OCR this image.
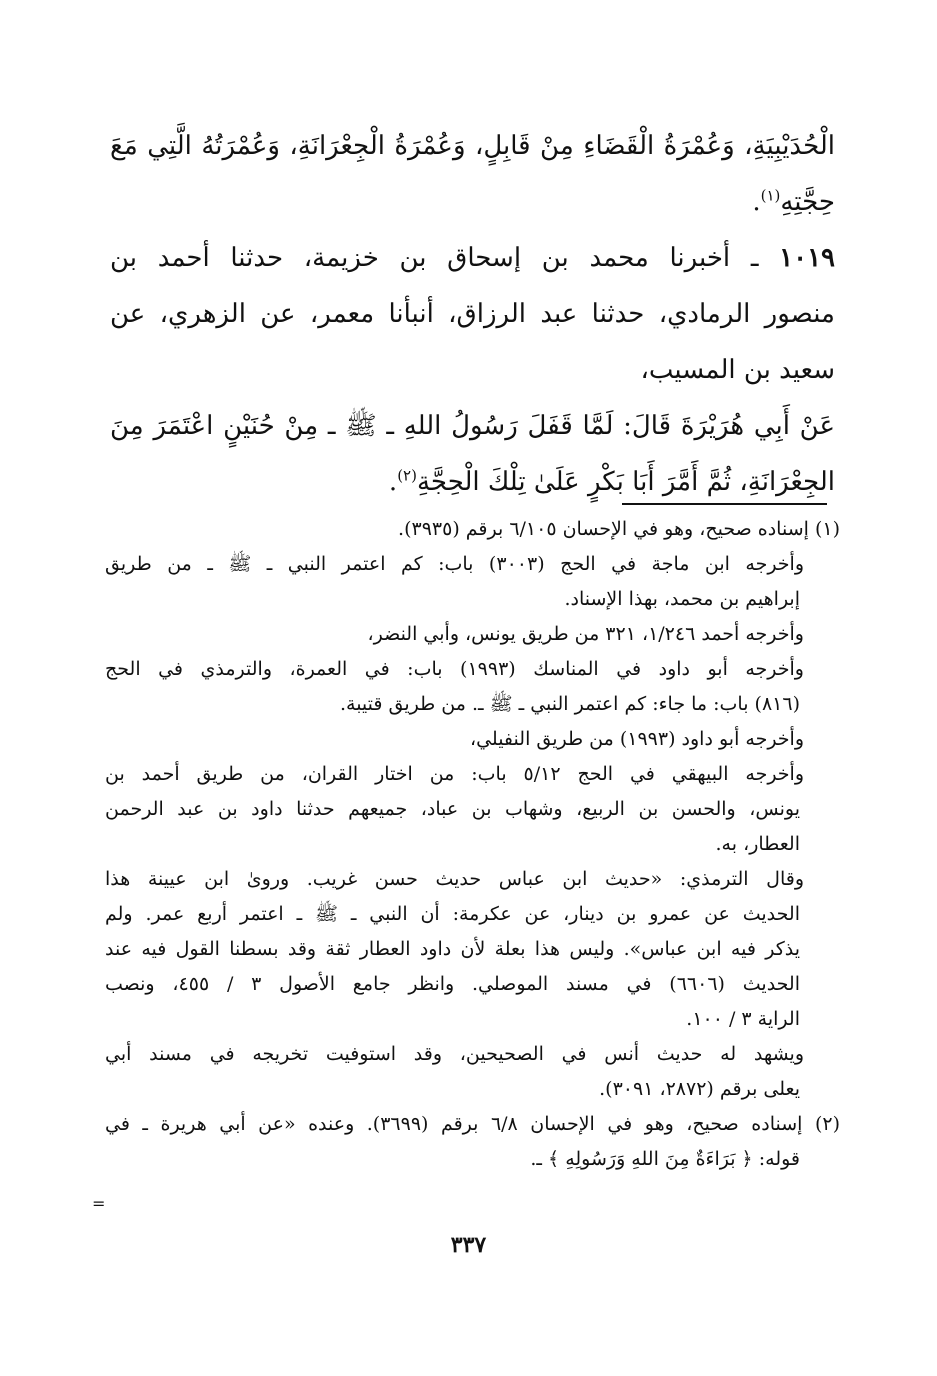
الْحُدَيْبِيَةِ، وَعُمْرَةُ الْقَضَاءِ مِنْ قَابِلٍ، وَعُمْرَةُ الْجِعْرَانَةِ، وَعُمْرَتُهُ الَّتِي مَعَ
حِجَّتِهِ$^{(١)}$.

١٠١٩ ـ أخبرنا محمد بن إسحاق بن خزيمة، حدثنا أحمد بن
منصور الرمادي، حدثنا عبد الرزاق، أنبأنا معمر، عن الزهري، عن
سعيد بن المسيب،

عَنْ أَبِي هُرَيْرَةَ قَالَ: لَمَّا قَفَلَ رَسُولُ اللهِ ـ ﷺ ـ مِنْ حُنَيْنٍ اعْتَمَرَ مِنَ
الجِعْرَانَةِ، ثُمَّ أَمَّرَ أَبَا بَكْرٍ عَلَىٰ تِلْكَ الْحِجَّةِ$^{(٢)}$.

(١) إسناده صحيح، وهو في الإحسان ٦/١٠٥ برقم (٣٩٣٥).
وأخرجه ابن ماجة في الحج (٣٠٠٣) باب: كم اعتمر النبي ـ ﷺ ـ من طريق
إبراهيم بن محمد، بهذا الإسناد.
وأخرجه أحمد ١/٢٤٦، ٣٢١ من طريق يونس، وأبي النضر،
وأخرجه أبو داود في المناسك (١٩٩٣) باب: في العمرة، والترمذي في الحج
(٨١٦) باب: ما جاء: كم اعتمر النبي ـ ﷺ ـ. من طريق قتيبة.
وأخرجه أبو داود (١٩٩٣) من طريق النفيلي،
وأخرجه البيهقي في الحج ٥/١٢ باب: من اختار القران، من طريق أحمد بن
يونس، والحسن بن الربيع، وشهاب بن عباد، جميعهم حدثنا داود بن عبد الرحمن
العطار، به.
وقال الترمذي: «حديث ابن عباس حديث حسن غريب. وروىٰ ابن عيينة هذا
الحديث عن عمرو بن دينار، عن عكرمة: أن النبي ـ ﷺ ـ اعتمر أربع عمر. ولم
يذكر فيه ابن عباس». وليس هذا بعلة لأن داود العطار ثقة وقد بسطنا القول فيه عند
الحديث (٦٦٠٦) في مسند الموصلي. وانظر جامع الأصول ٣ / ٤٥٥، ونصب
الراية ٣ / ١٠٠.
ويشهد له حديث أنس في الصحيحين، وقد استوفيت تخريجه في مسند أبي
يعلى برقم (٢٨٧٢، ٣٠٩١).
(٢) إسناده صحيح، وهو في الإحسان ٦/٨ برقم (٣٦٩٩). وعنده «عن أبي هريرة ـ في
قوله: ﴿ بَرَاءَةٌ مِنَ اللهِ وَرَسُولِهِ ﴾ ـ.
=
٣٣٧
